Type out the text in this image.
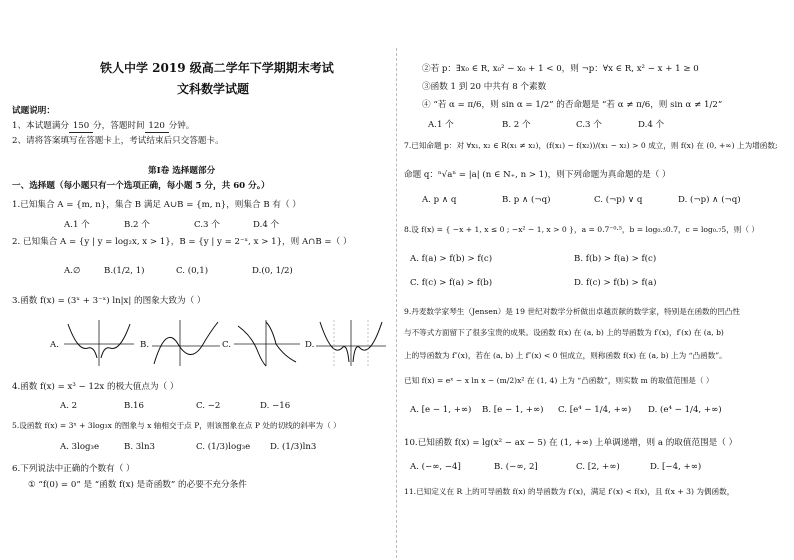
铁人中学 2019 级高二学年下学期期末考试
文科数学试题
试题说明：
1、本试题满分 150 分，答题时间 120 分钟。
2、请将答案填写在答题卡上，考试结束后只交答题卡。
第Ⅰ卷 选择题部分
一、选择题（每小题只有一个选项正确，每小题 5 分，共 60 分。）
1.已知集合 A = {m, n}，集合 B 满足 A∪B = {m, n}，则集合 B 有（ ）
A.1 个	B.2 个	C.3 个	D.4 个
2. 已知集合 A = {y | y = log₂x, x > 1}，B = {y | y = 2⁻ˣ, x > 1}，则 A∩B =（ ）
A.∅	B.(1/2, 1)	C. (0,1)	D.(0, 1/2)
3.函数 f(x) = (3ˣ + 3⁻ˣ) ln|x| 的图象大致为（ ）
A.	B.	C.	D.
4.函数 f(x) = x³ − 12x 的极大值点为（ ）
A. 2	B.16	C. −2	D. −16
5.设函数 f(x) = 3ˣ + 3log₃x 的图象与 x 轴相交于点 P，则该图象在点 P 处的切线的斜率为（ ）
A. 3log₃e	B. 3ln3	C. (1/3)log₃e D. (1/3)ln3
6.下列说法中正确的个数有（ ）
① “f(0) = 0” 是 “函数 f(x) 是奇函数” 的必要不充分条件
②若 p：∃x₀ ∈ R, x₀² − x₀ + 1 < 0，则 ¬p：∀x ∈ R, x² − x + 1 ≥ 0
③函数 1 到 20 中共有 8 个素数
④ “若 α = π/6，则 sin α = 1/2” 的否命题是 “若 α ≠ π/6，则 sin α ≠ 1/2”
A.1 个	B. 2 个	C.3 个	D.4 个
7.已知命题 p：对 ∀x₁, x₂ ∈ R(x₁ ≠ x₂)，(f(x₁) − f(x₂))/(x₁ − x₂) > 0 成立，则 f(x) 在 (0, +∞) 上为增函数;
命题 q：ⁿ√aⁿ = |a| (n ∈ N₊, n > 1)，则下列命题为真命题的是（ ）
A. p ∧ q	B. p ∧ (¬q)	C. (¬p) ∨ q	D. (¬p) ∧ (¬q)
8.设 f(x) = { −x + 1, x ≤ 0 ; −x² − 1, x > 0 }，a = 0.7⁻⁰·⁵，b = log₀.₅0.7，c = log₀.₇5，则（ ）
A. f(a) > f(b) > f(c)	B. f(b) > f(a) > f(c)
C. f(c) > f(a) > f(b)	D. f(c) > f(b) > f(a)
9.丹麦数学家琴生（Jensen）是 19 世纪对数学分析做出卓越贡献的数学家，特别是在函数的凹凸性
与不等式方面留下了很多宝贵的成果。设函数 f(x) 在 (a, b) 上的导函数为 f′(x)，f′(x) 在 (a, b)
上的导函数为 f″(x)，若在 (a, b) 上 f″(x) < 0 恒成立，则称函数 f(x) 在 (a, b) 上为 “凸函数”。
已知 f(x) = eˣ − x ln x − (m/2)x² 在 (1, 4) 上为 “凸函数”，则实数 m 的取值范围是（ ）
A. [e − 1, +∞) B. [e − 1, +∞) C. [e⁴ − 1/4, +∞) D. (e⁴ − 1/4, +∞)
10.已知函数 f(x) = lg(x² − ax − 5) 在 (1, +∞) 上单调递增，则 a 的取值范围是（ ）
A. (−∞, −4]	B. (−∞, 2]	C. [2, +∞)	D. [−4, +∞)
11.已知定义在 R 上的可导函数 f(x) 的导函数为 f′(x)，满足 f′(x) < f(x)，且 f(x + 3) 为偶函数，
